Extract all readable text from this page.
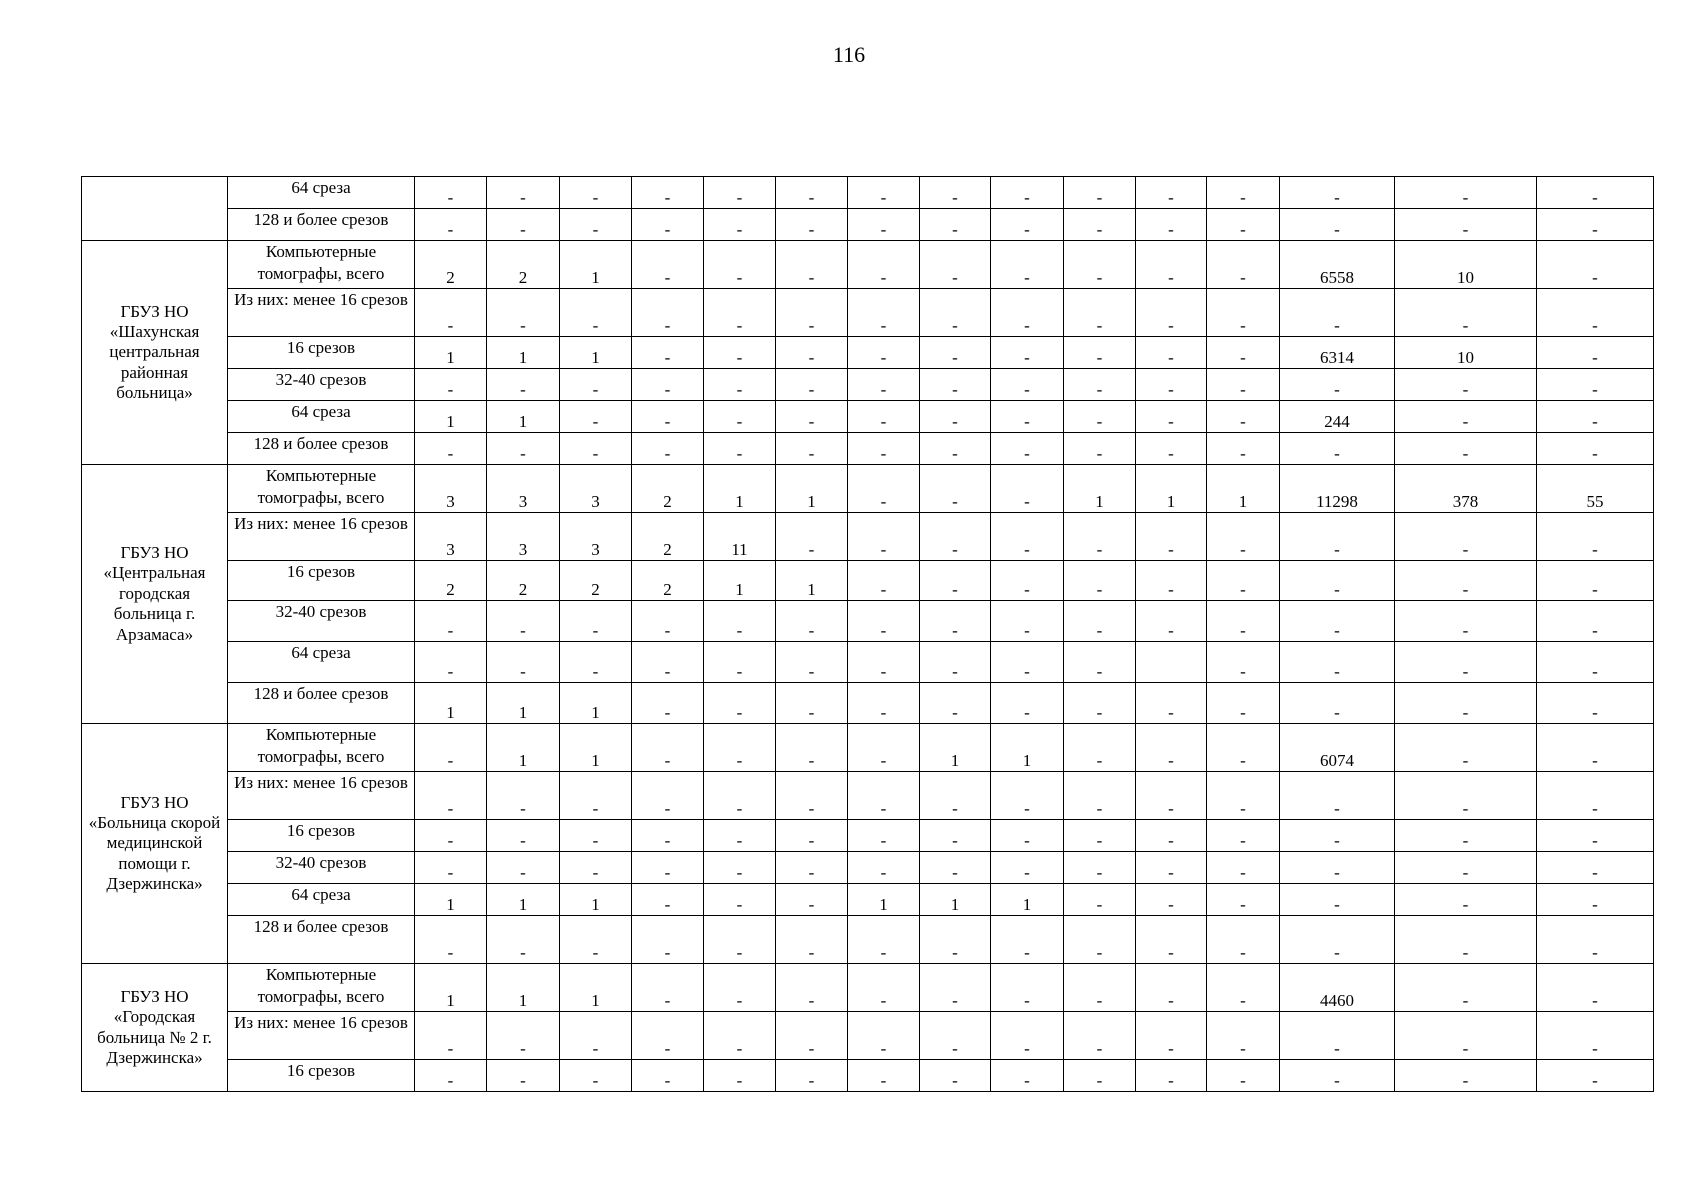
116
	64 среза	-	-	-	-	-	-	-	-	-	-	-	-	-	-	-
	128 и более срезов	-	-	-	-	-	-	-	-	-	-	-	-	-	-	-
ГБУЗ НО «Шахунская центральная районная больница»	Компьютерные томографы, всего	2	2	1	-	-	-	-	-	-	-	-	-	6558	10	-
	Из них: менее 16 срезов	-	-	-	-	-	-	-	-	-	-	-	-	-	-	-
	16 срезов	1	1	1	-	-	-	-	-	-	-	-	-	6314	10	-
	32-40 срезов	-	-	-	-	-	-	-	-	-	-	-	-	-	-	-
	64 среза	1	1	-	-	-	-	-	-	-	-	-	-	244	-	-
	128 и более срезов	-	-	-	-	-	-	-	-	-	-	-	-	-	-	-
ГБУЗ НО «Центральная городская больница г. Арзамаса»	Компьютерные томографы, всего	3	3	3	2	1	1	-	-	-	1	1	1	11298	378	55
	Из них: менее 16 срезов	3	3	3	2	11	-	-	-	-	-	-	-	-	-	-
	16 срезов	2	2	2	2	1	1	-	-	-	-	-	-	-	-	-
	32-40 срезов	-	-	-	-	-	-	-	-	-	-	-	-	-	-	-
	64 среза	-	-	-	-	-	-	-	-	-	-		-	-	-	-
	128 и более срезов	1	1	1	-	-	-	-	-	-	-	-	-	-	-	-
ГБУЗ НО «Больница скорой медицинской помощи г. Дзержинска»	Компьютерные томографы, всего	-	1	1	-	-	-	-	1	1	-	-	-	6074	-	-
	Из них: менее 16 срезов	-	-	-	-	-	-	-	-	-	-	-	-	-	-	-
	16 срезов	-	-	-	-	-	-	-	-	-	-	-	-	-	-	-
	32-40 срезов	-	-	-	-	-	-	-	-	-	-	-	-	-	-	-
	64 среза	1	1	1	-	-	-	1	1	1	-	-	-	-	-	-
	128 и более срезов	-	-	-	-	-	-	-	-	-	-	-	-	-	-	-
ГБУЗ НО «Городская больница № 2 г. Дзержинска»	Компьютерные томографы, всего	1	1	1	-	-	-	-	-	-	-	-	-	4460	-	-
	Из них: менее 16 срезов	-	-	-	-	-	-	-	-	-	-	-	-	-	-	-
	16 срезов	-	-	-	-	-	-	-	-	-	-	-	-	-	-	-
